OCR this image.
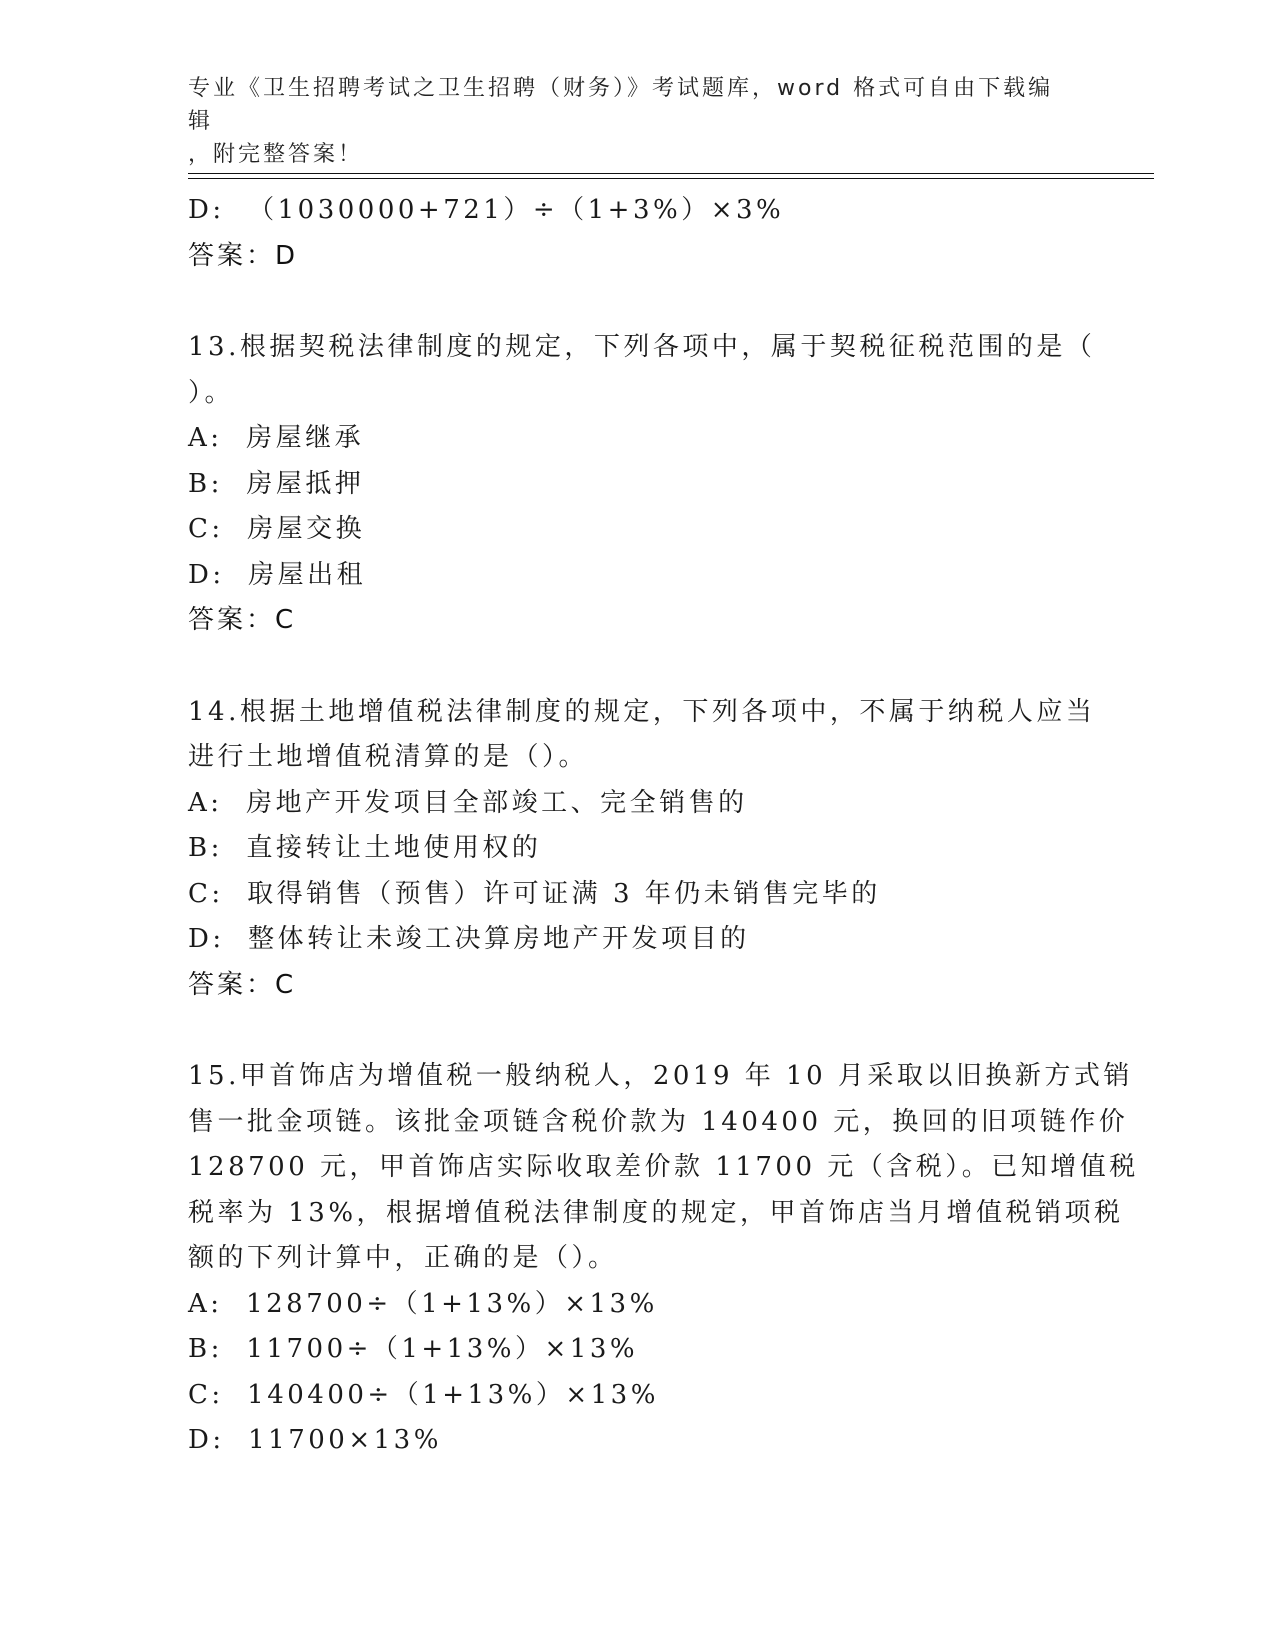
专业《卫生招聘考试之卫生招聘（财务）》考试题库，word 格式可自由下载编辑
，附完整答案！
D:  （1030000+721）÷（1+3%）×3%
答案：D
13.根据契税法律制度的规定，下列各项中，属于契税征税范围的是（
）。
A:  房屋继承
B:  房屋抵押
C:  房屋交换
D:  房屋出租
答案：C
14.根据土地增值税法律制度的规定，下列各项中，不属于纳税人应当
进行土地增值税清算的是（）。
A:  房地产开发项目全部竣工、完全销售的
B:  直接转让土地使用权的
C:  取得销售（预售）许可证满 3 年仍未销售完毕的
D:  整体转让未竣工决算房地产开发项目的
答案：C
15.甲首饰店为增值税一般纳税人，2019 年 10 月采取以旧换新方式销
售一批金项链。该批金项链含税价款为 140400 元，换回的旧项链作价
128700 元，甲首饰店实际收取差价款 11700 元（含税）。已知增值税
税率为 13%，根据增值税法律制度的规定，甲首饰店当月增值税销项税
额的下列计算中，正确的是（）。
A:  128700÷（1+13%）×13%
B:  11700÷（1+13%）×13%
C:  140400÷（1+13%）×13%
D:  11700×13%
